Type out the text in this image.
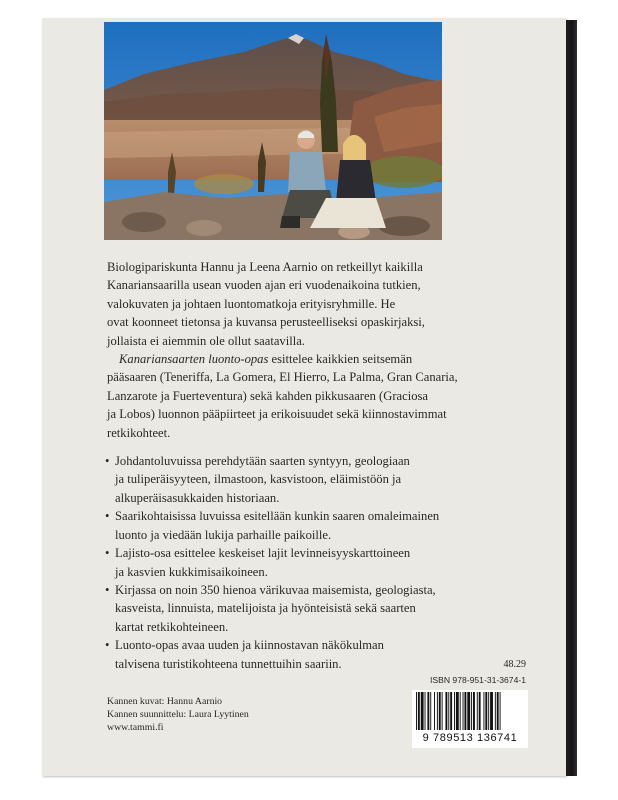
Biologipariskunta Hannu ja Leena Aarnio on retkeillyt kaikilla
Kanariansaarilla usean vuoden ajan eri vuodenaikoina tutkien,
valokuvaten ja johtaen luontomatkoja erityisryhmille. He
ovat koonneet tietonsa ja kuvansa perusteelliseksi opaskirjaksi,
jollaista ei aiemmin ole ollut saatavilla.

Kanariansaarten luonto-opas esittelee kaikkien seitsemän
pääsaaren (Teneriffa, La Gomera, El Hierro, La Palma, Gran Canaria,
Lanzarote ja Fuerteventura) sekä kahden pikkusaaren (Graciosa
ja Lobos) luonnon pääpiirteet ja erikoisuudet sekä kiinnostavimmat
retkikohteet.

• Johdantoluvuissa perehdytään saarten syntyyn, geologiaan
ja tuliperäisyyteen, ilmastoon, kasvistoon, eläimistöön ja
alkuperäisasukkaiden historiaan.
• Saarikohtaisissa luvuissa esitellään kunkin saaren omaleimainen
luonto ja viedään lukija parhaille paikoille.
• Lajisto-osa esittelee keskeiset lajit levinneisyyskarttoineen
ja kasvien kukkimisaikoineen.
• Kirjassa on noin 350 hienoa värikuvaa maisemista, geologiasta,
kasveista, linnuista, matelijoista ja hyönteisistä sekä saarten
kartat retkikohteineen.
• Luonto-opas avaa uuden ja kiinnostavan näkökulman
talvisena turistikohteena tunnettuihin saariin.
Kannen kuvat: Hannu Aarnio
Kannen suunnittelu: Laura Lyytinen
www.tammi.fi
48.29
ISBN 978-951-31-3674-1
9 789513 136741
